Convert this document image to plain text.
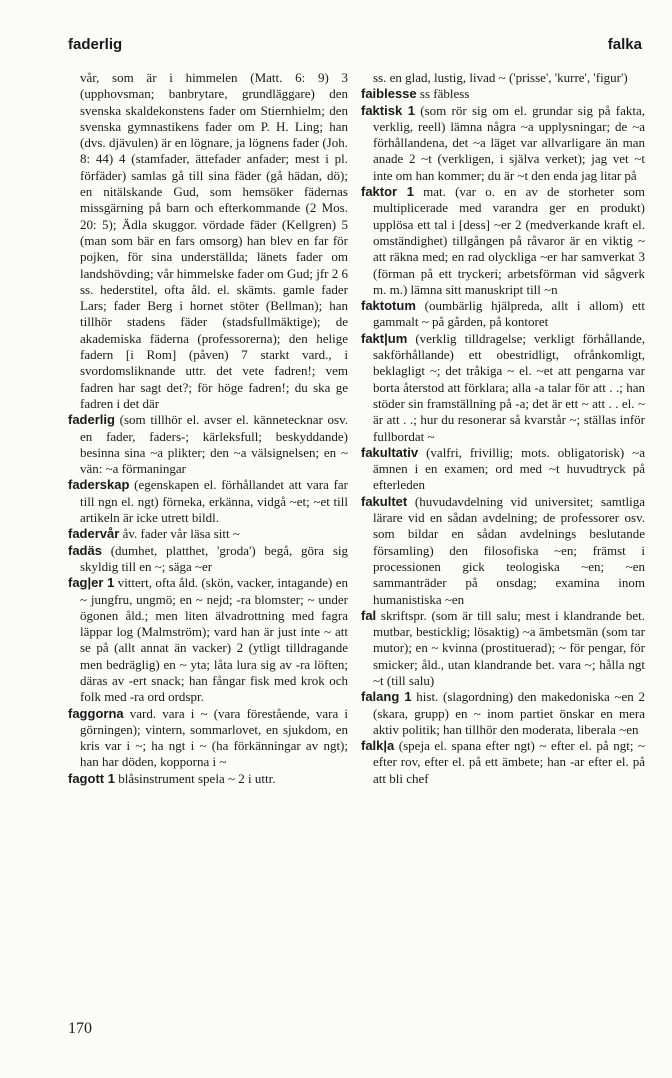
faderlig	falka

vår, som är i himmelen (Matt. 6: 9) 3 (upphovsman; banbrytare, grundläggare) den svenska skaldekonstens fader om Stiernhielm; den svenska gymnastikens fader om P. H. Ling; han (dvs. djävulen) är en lögnare, ja lögnens fader (Joh. 8: 44) 4 (stamfader, ättefader anfader; mest i pl. förfäder) samlas gå till sina fäder (gå hädan, dö); en nitälskande Gud, som hemsöker fädernas missgärning på barn och efterkommande (2 Mos. 20: 5); Ädla skuggor. vördade fäder (Kellgren) 5 (man som bär en fars omsorg) han blev en far för pojken, för sina underställda; länets fader om landshövding; vår himmelske fader om Gud; jfr 2 6 ss. hederstitel, ofta åld. el. skämts. gamle fader Lars; fader Berg i hornet stöter (Bellman); han tillhör stadens fäder (stadsfullmäktige); de akademiska fäderna (professorerna); den helige fadern [i Rom] (påven) 7 starkt vard., i svordomsliknande uttr. det vete fadren!; vem fadren har sagt det?; för höge fadren!; du ska ge fadren i det där

faderlig (som tillhör el. avser el. kännetecknar osv. en fader, faders-; kärleksfull; beskyddande) besinna sina ~a plikter; den ~a välsignelsen; en ~ vän: ~a förmaningar

faderskap (egenskapen el. förhållandet att vara far till ngn el. ngt) förneka, erkänna, vidgå ~et; ~et till artikeln är icke utrett bildl.

fadervår åv. fader vår läsa sitt ~

fadäs (dumhet, platthet, 'groda') begå, göra sig skyldig till en ~; säga ~er

fag|er 1 vittert, ofta åld. (skön, vacker, intagande) en ~ jungfru, ungmö; en ~ nejd; -ra blomster; ~ under ögonen åld.; men liten älvadrottning med fagra läppar log (Malmström); vard han är just inte ~ att se på (allt annat än vacker) 2 (ytligt tilldragande men bedräglig) en ~ yta; låta lura sig av -ra löften; däras av -ert snack; han fångar fisk med krok och folk med -ra ord ordspr.

faggorna vard. vara i ~ (vara förestående, vara i görningen); vintern, sommarlovet, en sjukdom, en kris var i ~; ha ngt i ~ (ha förkänningar av ngt); han har döden, kopporna i ~

fagott 1 blåsinstrument spela ~ 2 i uttr.

ss. en glad, lustig, livad ~ ('prisse', 'kurre', 'figur')

faiblesse ss fäbless

faktisk 1 (som rör sig om el. grundar sig på fakta, verklig, reell) lämna några ~a upplysningar; de ~a förhållandena, det ~a läget var allvarligare än man anade 2 ~t (verkligen, i själva verket); jag vet ~t inte om han kommer; du är ~t den enda jag litar på

faktor 1 mat. (var o. en av de storheter som multiplicerade med varandra ger en produkt) upplösa ett tal i [dess] ~er 2 (medverkande kraft el. omständighet) tillgången på råvaror är en viktig ~ att räkna med; en rad olyckliga ~er har samverkat 3 (förman på ett tryckeri; arbetsförman vid sågverk m. m.) lämna sitt manuskript till ~n

faktotum (oumbärlig hjälpreda, allt i allom) ett gammalt ~ på gården, på kontoret

fakt|um (verklig tilldragelse; verkligt förhållande, sakförhållande) ett obestridligt, ofrånkomligt, beklagligt ~; det tråkiga ~ el. ~et att pengarna var borta återstod att förklara; alla -a talar för att . .; han stöder sin framställning på -a; det är ett ~ att . . el. ~ är att . .; hur du resonerar så kvarstår ~; ställas inför fullbordat ~

fakultativ (valfri, frivillig; mots. obligatorisk) ~a ämnen i en examen; ord med ~t huvudtryck på efterleden

fakultet (huvudavdelning vid universitet; samtliga lärare vid en sådan avdelning; de professorer osv. som bildar en sådan avdelnings beslutande församling) den filosofiska ~en; främst i processionen gick teologiska ~en; ~en sammanträder på onsdag; examina inom humanistiska ~en

fal skriftspr. (som är till salu; mest i klandrande bet. mutbar, besticklig; lösaktig) ~a ämbetsmän (som tar mutor); en ~ kvinna (prostituerad); ~ för pengar, för smicker; åld., utan klandrande bet. vara ~; hålla ngt ~t (till salu)

falang 1 hist. (slagordning) den makedoniska ~en 2 (skara, grupp) en ~ inom partiet önskar en mera aktiv politik; han tillhör den moderata, liberala ~en

falk|a (speja el. spana efter ngt) ~ efter el. på ngt; ~ efter rov, efter el. på ett ämbete; han -ar efter el. på att bli chef

170
